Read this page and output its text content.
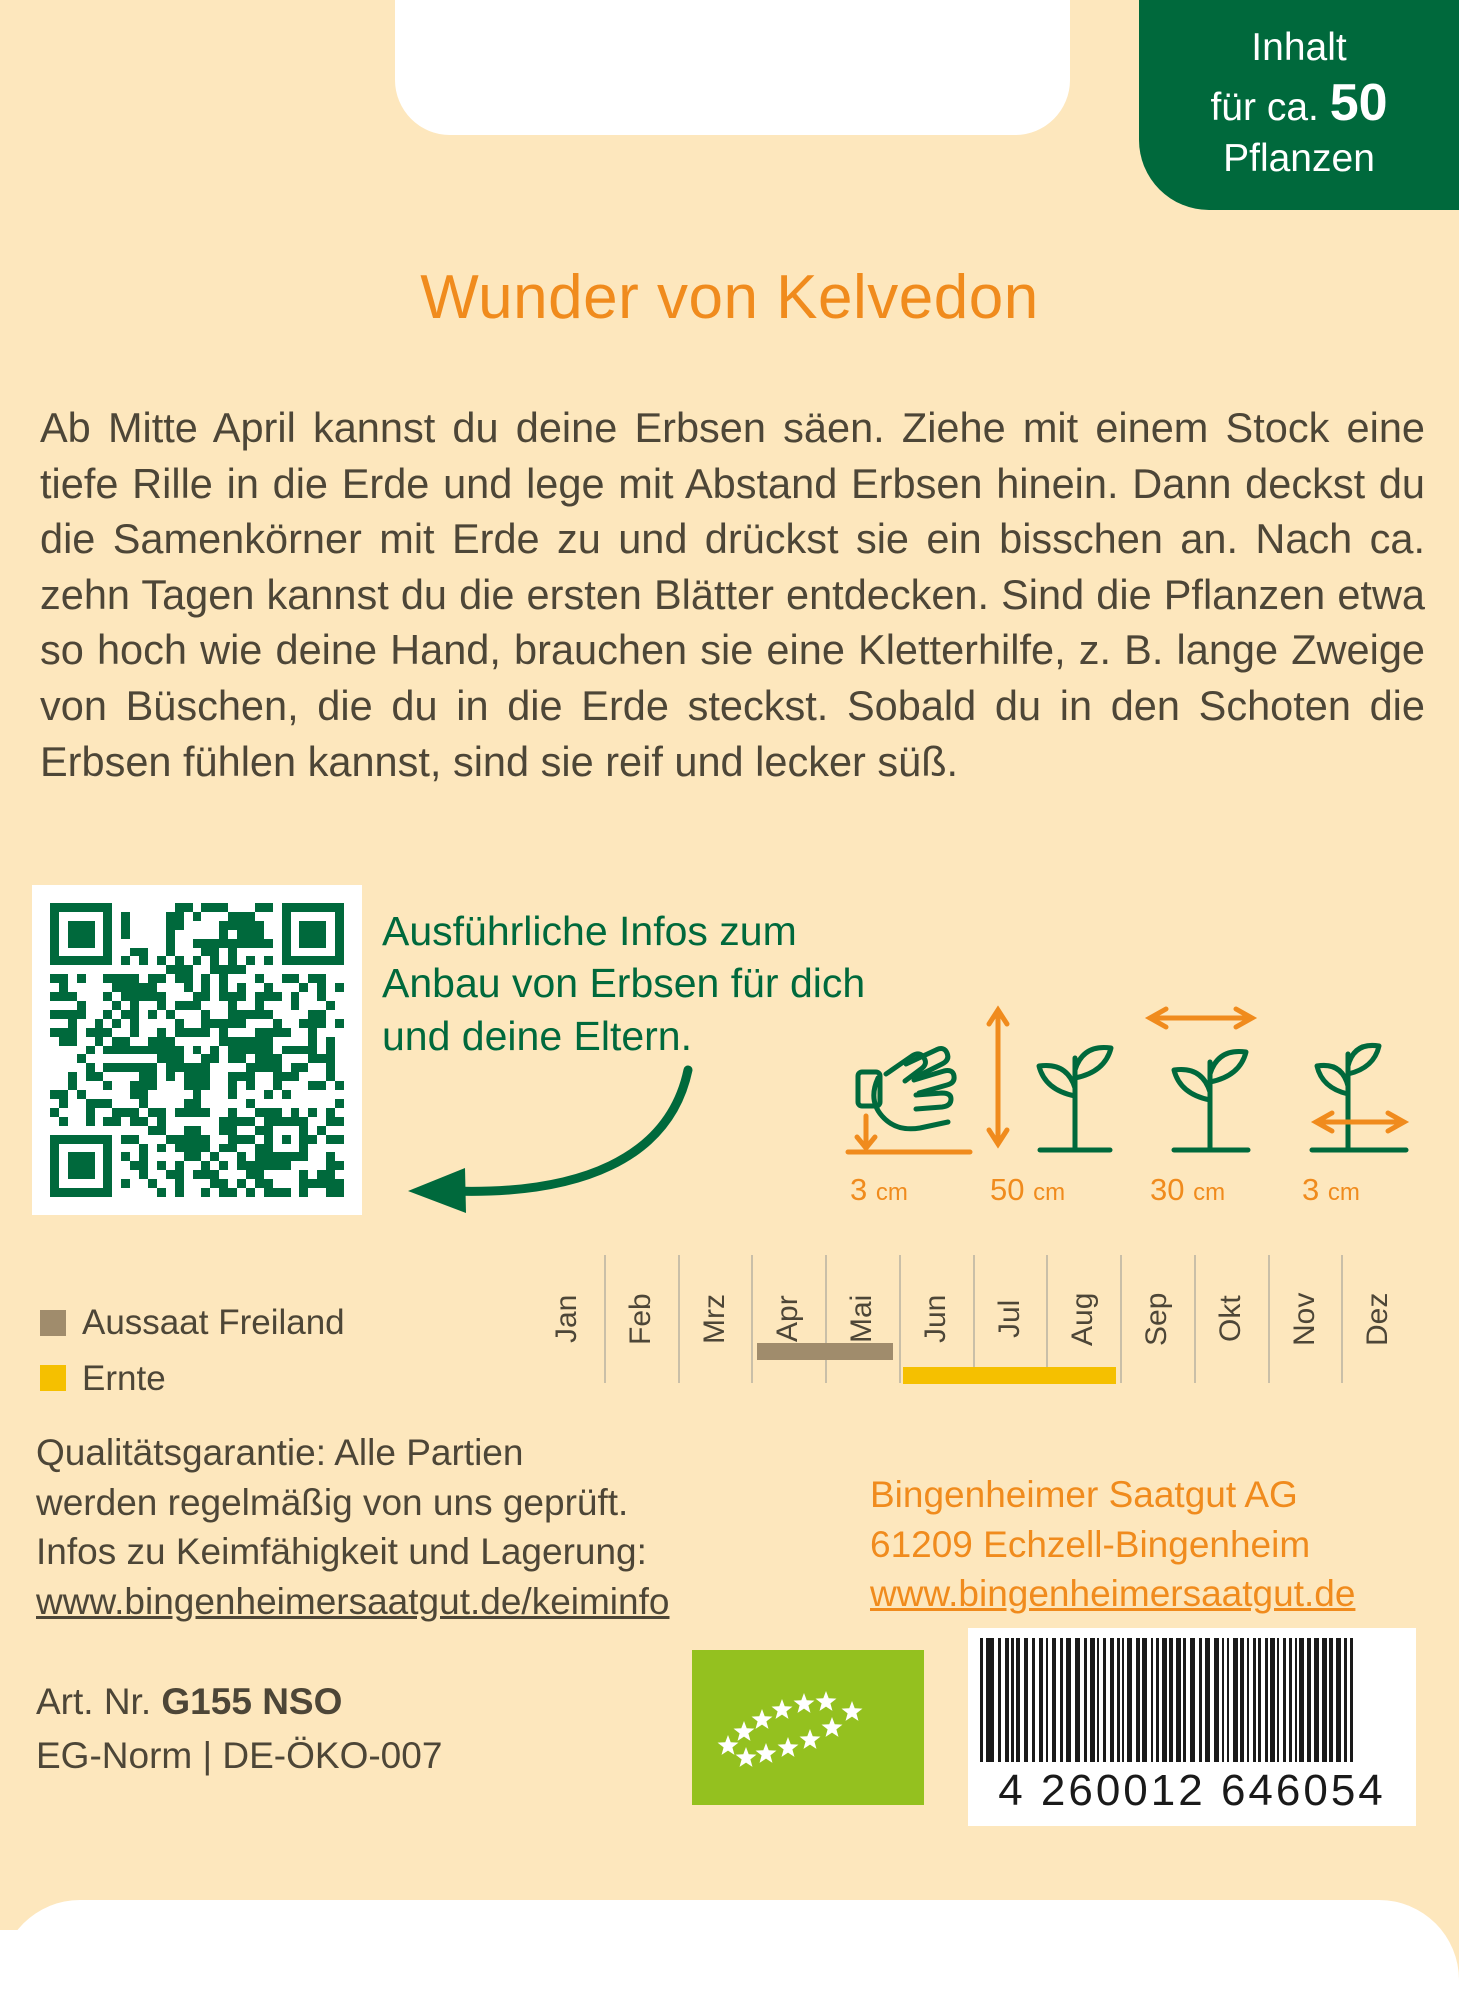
Inhalt
für ca. 50
Pflanzen
Wunder von Kelvedon
Ab Mitte April kannst du deine Erbsen säen. Ziehe mit einem Stock eine tiefe Rille in die Erde und lege mit Abstand Erbsen hinein. Dann deckst du die Samenkörner mit Erde zu und drückst sie ein bisschen an. Nach ca. zehn Tagen kannst du die ersten Blätter entdecken. Sind die Pflanzen etwa so hoch wie deine Hand, brauchen sie eine Kletterhilfe, z. B. lange Zweige von Büschen, die du in die Erde steckst. Sobald du in den Schoten die Erbsen fühlen kannst, sind sie reif und lecker süß.
Ausführliche Infos zum Anbau von Erbsen für dich und deine Eltern.
3 cm	50 cm	30 cm 3 cm
Aussaat Freiland
Ernte
Jan	Feb	Mrz	Apr	Mai	Jun	Jul	Aug	Sep	Okt	Nov	Dez
Qualitätsgarantie: Alle Partien
werden regelmäßig von uns geprüft.
Infos zu Keimfähigkeit und Lagerung:
www.bingenheimersaatgut.de/keiminfo
Bingenheimer Saatgut AG
61209 Echzell-Bingenheim
www.bingenheimersaatgut.de
Art. Nr. G155 NSO
EG-Norm | DE-ÖKO-007
4 260012 646054
